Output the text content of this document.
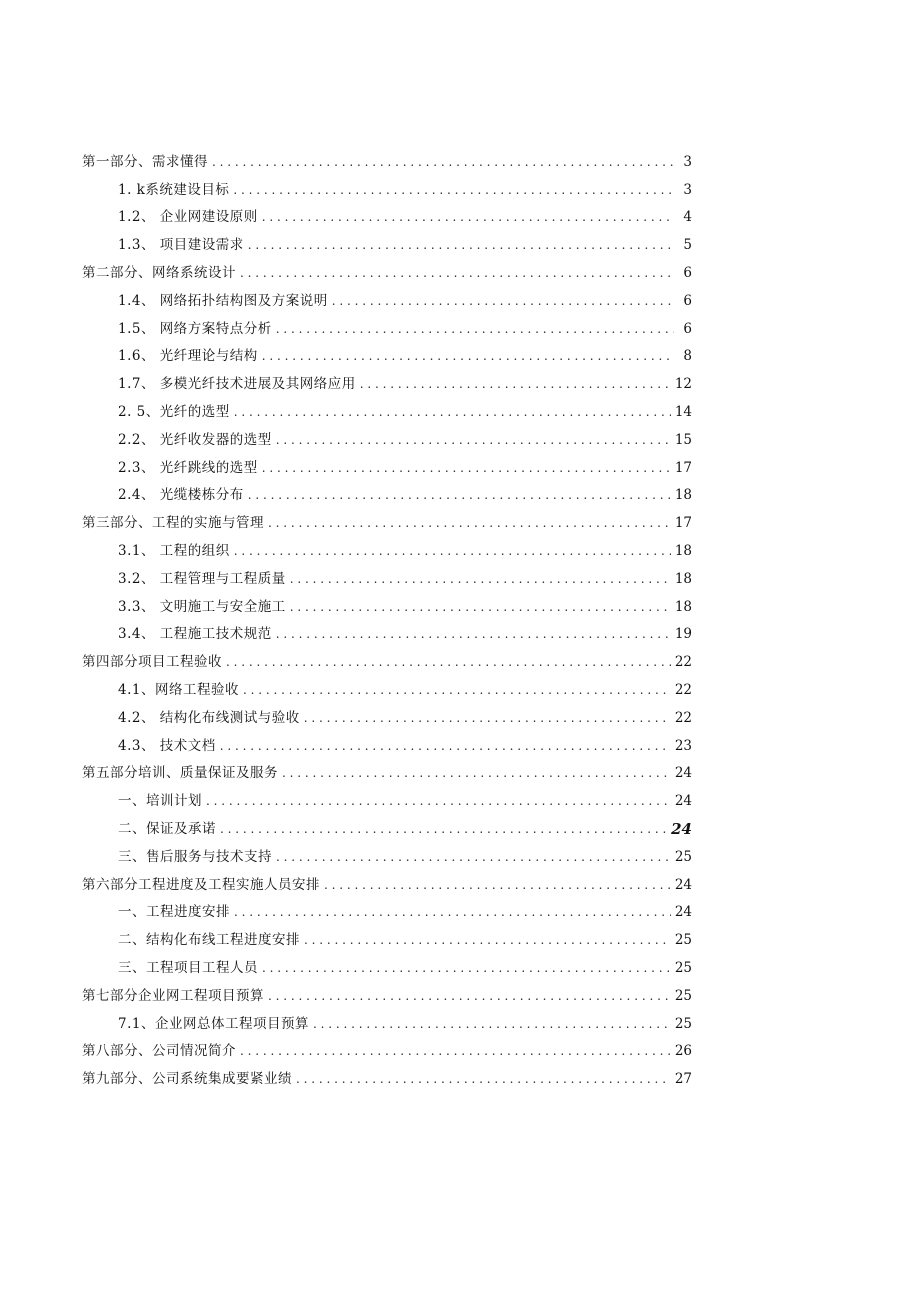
第一部分、需求懂得 . . .	3
1. k系统建设目标 . . .	3
1.2、 企业网建设原则 . . .	4
1.3、 项目建设需求 . . .	5
第二部分、网络系统设计 . . .	6
1.4、 网络拓扑结构图及方案说明 . . .	6
1.5、 网络方案特点分析 . . .	6
1.6、 光纤理论与结构 . . .	8
1.7、 多模光纤技术进展及其网络应用 . . .	12
2. 5、光纤的选型 . . .	14
2.2、 光纤收发器的选型 . . .	15
2.3、 光纤跳线的选型 . . .	17
2.4、 光缆楼栋分布 . . .	18
第三部分、工程的实施与管理 . . .	17
3.1、 工程的组织 . . .	18
3.2、 工程管理与工程质量 . . .	18
3.3、 文明施工与安全施工 . . .	18
3.4、 工程施工技术规范 . . .	19
第四部分项目工程验收 . . .	22
4.1、网络工程验收 . . .	22
4.2、 结构化布线测试与验收 . . .	22
4.3、 技术文档 . . .	23
第五部分培训、质量保证及服务 . . .	24
一、培训计划 . . .	24
二、保证及承诺 . . .	24
三、售后服务与技术支持 . . .	25
第六部分工程进度及工程实施人员安排 . . .	24
一、工程进度安排 . . .	24
二、结构化布线工程进度安排 . . .	25
三、工程项目工程人员 . . .	25
第七部分企业网工程项目预算 . . .	25
7.1、企业网总体工程项目预算 . . .	25
第八部分、公司情况简介 . . .	26
第九部分、公司系统集成要紧业绩 . . .	27
